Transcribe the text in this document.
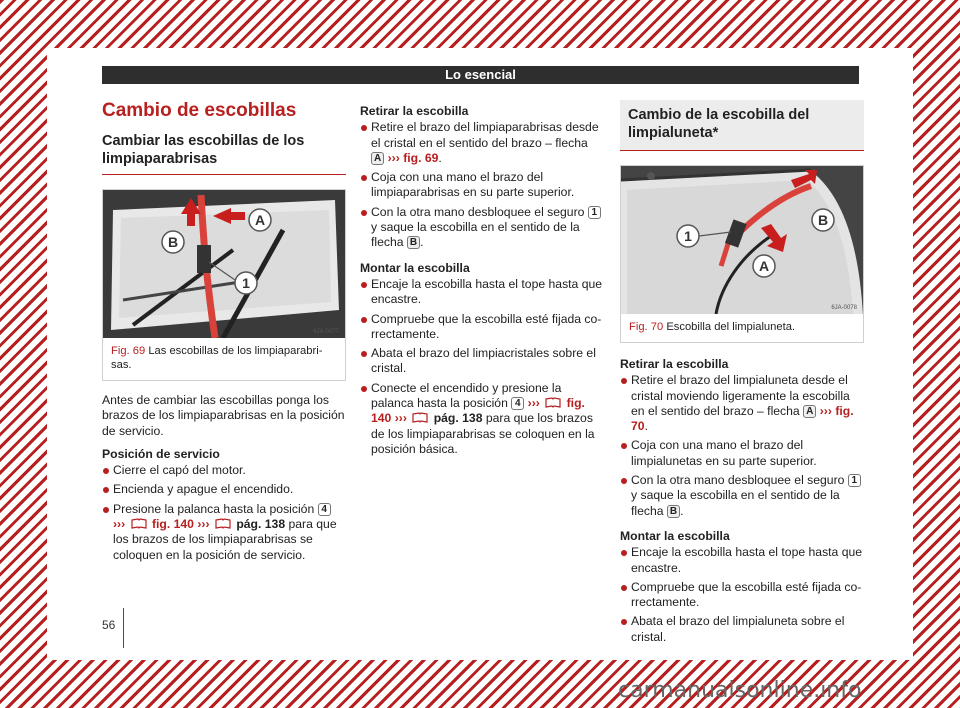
Lo esencial
Cambio de escobillas
Cambiar las escobillas de los limpiaparabrisas
A
B
1
6JA-0077
Fig. 69 Las escobillas de los limpiaparabrisas.

Antes de cambiar las escobillas ponga los brazos de los limpiaparabrisas en la posición de servicio.

Posición de servicio
Cierre el capó del motor.
Encienda y apague el encendido.
Presione la palanca hasta la posición 4 ››› fig. 140 ››› pág. 138 para que los brazos de los limpiaparabrisas se coloquen en la posición de servicio.
Retirar la escobilla
Retire el brazo del limpiaparabrisas desde el cristal en el sentido del brazo – flecha A ››› fig. 69.
Coja con una mano el brazo del limpiaparabrisas en su parte superior.
Con la otra mano desbloquee el seguro 1 y saque la escobilla en el sentido de la flecha B .
Montar la escobilla
Encaje la escobilla hasta el tope hasta que encastre.
Compruebe que la escobilla esté fijada correctamente.
Abata el brazo del limpiacristales sobre el cristal.
Conecte el encendido y presione la palanca hasta la posición 4 ››› fig. 140 ››› pág. 138 para que los brazos de los limpiaparabrisas se coloquen en la posición básica.
Cambio de la escobilla del limpialuneta*
B
1
A
6JA-0078
Fig. 70 Escobilla del limpialuneta.
Retirar la escobilla
Retire el brazo del limpialuneta desde el cristal moviendo ligeramente la escobilla en el sentido del brazo – flecha A ››› fig. 70.
Coja con una mano el brazo del limpialunetas en su parte superior.
Con la otra mano desbloquee el seguro 1 y saque la escobilla en el sentido de la flecha B .
Montar la escobilla
Encaje la escobilla hasta el tope hasta que encastre.
Compruebe que la escobilla esté fijada correctamente.
Abata el brazo del limpialuneta sobre el cristal.
56
carmanualsonline.info
